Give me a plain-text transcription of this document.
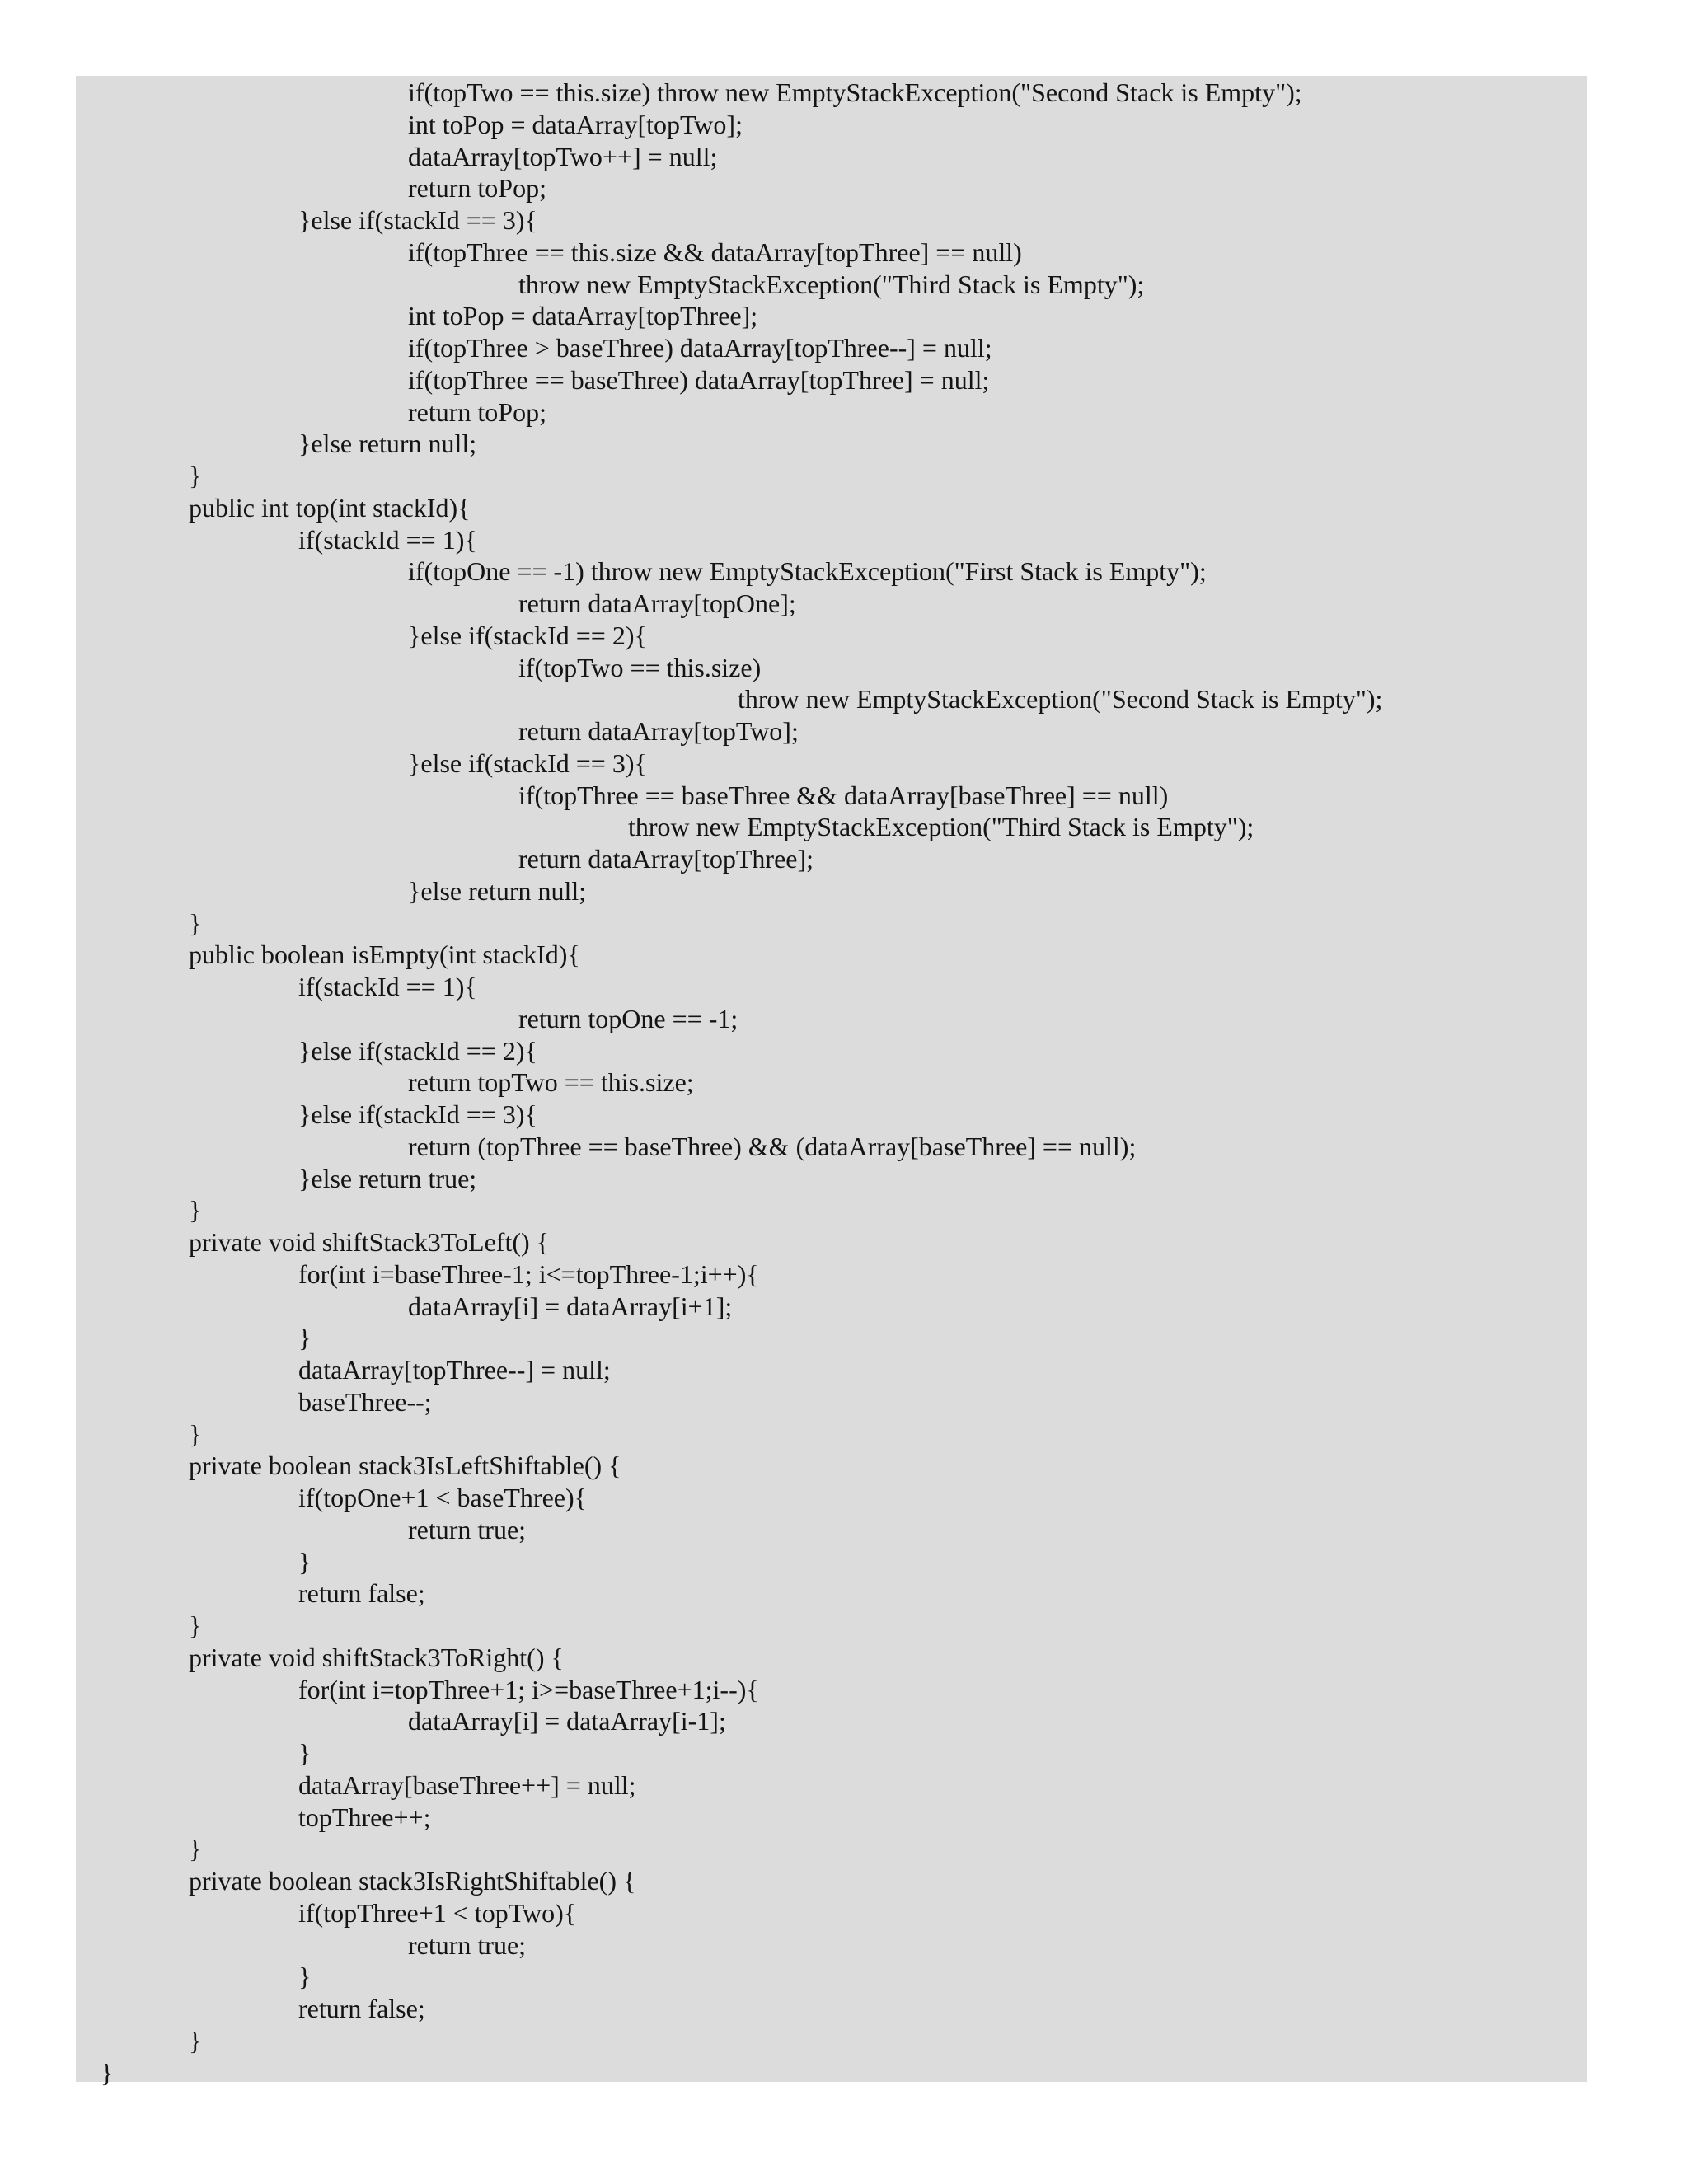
if(topTwo == this.size) throw new EmptyStackException("Second Stack is Empty");
int toPop = dataArray[topTwo];
dataArray[topTwo++] = null;
return toPop;
}else if(stackId == 3){
if(topThree == this.size && dataArray[topThree] == null)
throw new EmptyStackException("Third Stack is Empty");
int toPop = dataArray[topThree];
if(topThree > baseThree) dataArray[topThree--] = null;
if(topThree == baseThree) dataArray[topThree] = null;
return toPop;
}else return null;
}
public int top(int stackId){
if(stackId == 1){
if(topOne == -1) throw new EmptyStackException("First Stack is Empty");
return dataArray[topOne];
}else if(stackId == 2){
if(topTwo == this.size)
throw new EmptyStackException("Second Stack is Empty");
return dataArray[topTwo];
}else if(stackId == 3){
if(topThree == baseThree && dataArray[baseThree] == null)
throw new EmptyStackException("Third Stack is Empty");
return dataArray[topThree];
}else return null;
}
public boolean isEmpty(int stackId){
if(stackId == 1){
return topOne == -1;
}else if(stackId == 2){
return topTwo == this.size;
}else if(stackId == 3){
return (topThree == baseThree) && (dataArray[baseThree] == null);
}else return true;
}
private void shiftStack3ToLeft() {
for(int i=baseThree-1; i<=topThree-1;i++){
dataArray[i] = dataArray[i+1];
}
dataArray[topThree--] = null;
baseThree--;
}
private boolean stack3IsLeftShiftable() {
if(topOne+1 < baseThree){
return true;
}
return false;
}
private void shiftStack3ToRight() {
for(int i=topThree+1; i>=baseThree+1;i--){
dataArray[i] = dataArray[i-1];
}
dataArray[baseThree++] = null;
topThree++;
}
private boolean stack3IsRightShiftable() {
if(topThree+1 < topTwo){
return true;
}
return false;
}
}
